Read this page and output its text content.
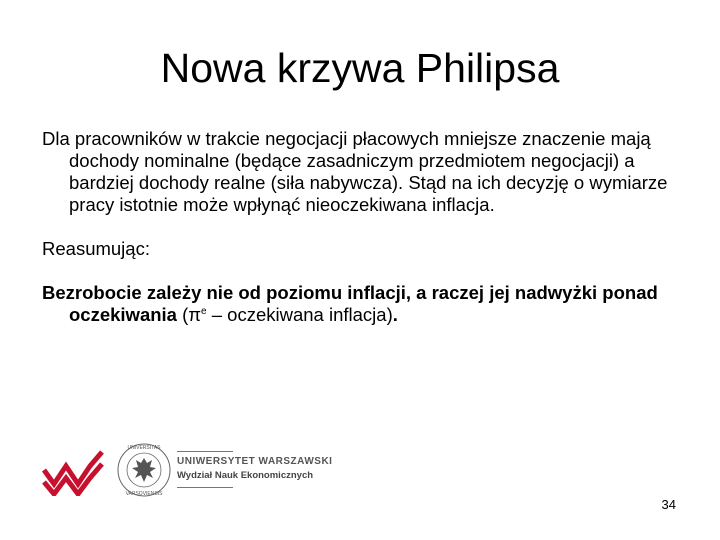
Nowa krzywa Philipsa

Dla pracowników w trakcie negocjacji płacowych mniejsze znaczenie mają dochody nominalne (będące zasadniczym przedmiotem negocjacji) a bardziej dochody realne (siła nabywcza). Stąd na ich decyzję o wymiarze pracy istotnie może wpłynąć nieoczekiwana inflacja.

Reasumując:

Bezrobocie zależy nie od poziomu inflacji, a raczej jej nadwyżki ponad oczekiwania ($\pi^e$ – oczekiwana inflacja).

UNIVERSITAS
VARSOVIENSIS
UNIWERSYTET WARSZAWSKI
Wydział Nauk Ekonomicznych
34
